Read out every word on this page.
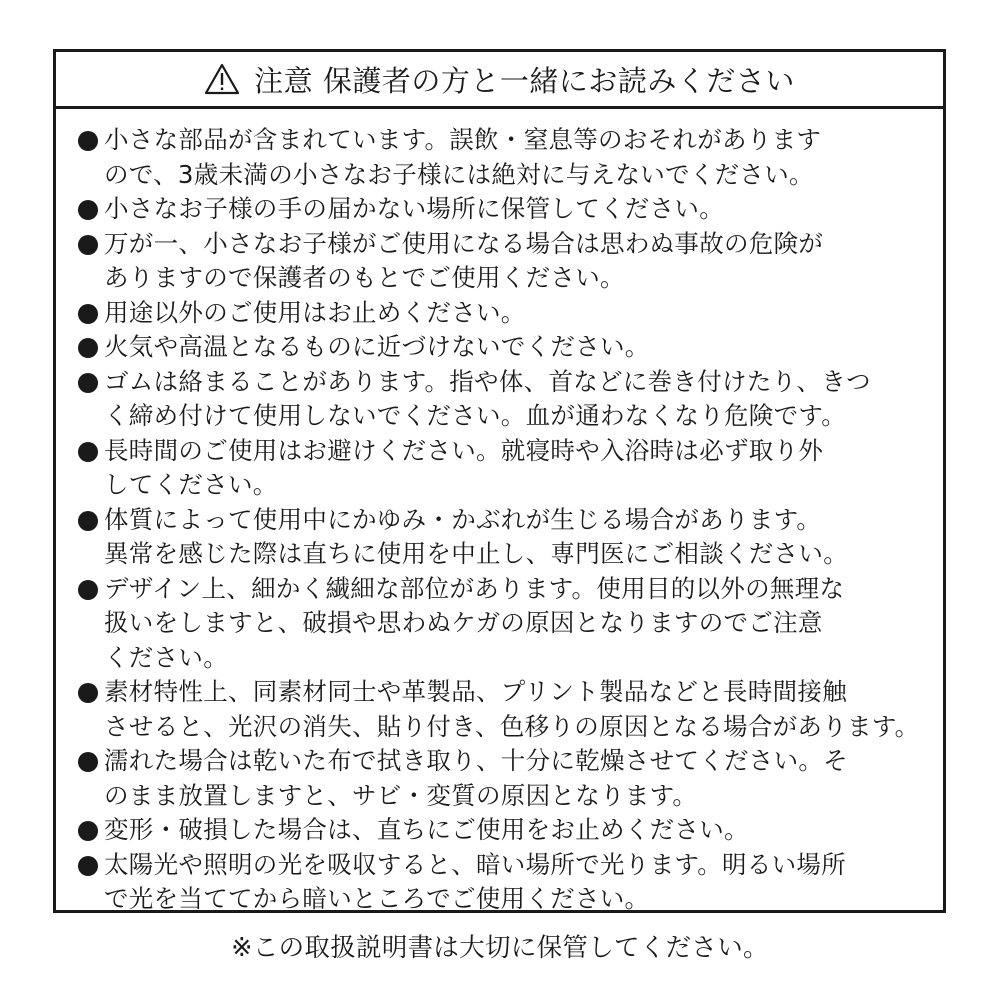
注意 保護者の方と一緒にお読みください
小さな部品が含まれています。誤飲・窒息等のおそれがあります
ので、3歳未満の小さなお子様には絶対に与えないでください。
小さなお子様の手の届かない場所に保管してください。
万が一、小さなお子様がご使用になる場合は思わぬ事故の危険が
ありますので保護者のもとでご使用ください。
用途以外のご使用はお止めください。
火気や高温となるものに近づけないでください。
ゴムは絡まることがあります。指や体、首などに巻き付けたり、きつ
く締め付けて使用しないでください。血が通わなくなり危険です。
長時間のご使用はお避けください。就寝時や入浴時は必ず取り外
してください。
体質によって使用中にかゆみ・かぶれが生じる場合があります。
異常を感じた際は直ちに使用を中止し、専門医にご相談ください。
デザイン上、細かく繊細な部位があります。使用目的以外の無理な
扱いをしますと、破損や思わぬケガの原因となりますのでご注意
ください。
素材特性上、同素材同士や革製品、プリント製品などと長時間接触
させると、光沢の消失、貼り付き、色移りの原因となる場合があります。
濡れた場合は乾いた布で拭き取り、十分に乾燥させてください。そ
のまま放置しますと、サビ・変質の原因となります。
変形・破損した場合は、直ちにご使用をお止めください。
太陽光や照明の光を吸収すると、暗い場所で光ります。明るい場所
で光を当ててから暗いところでご使用ください。
※この取扱説明書は大切に保管してください。
